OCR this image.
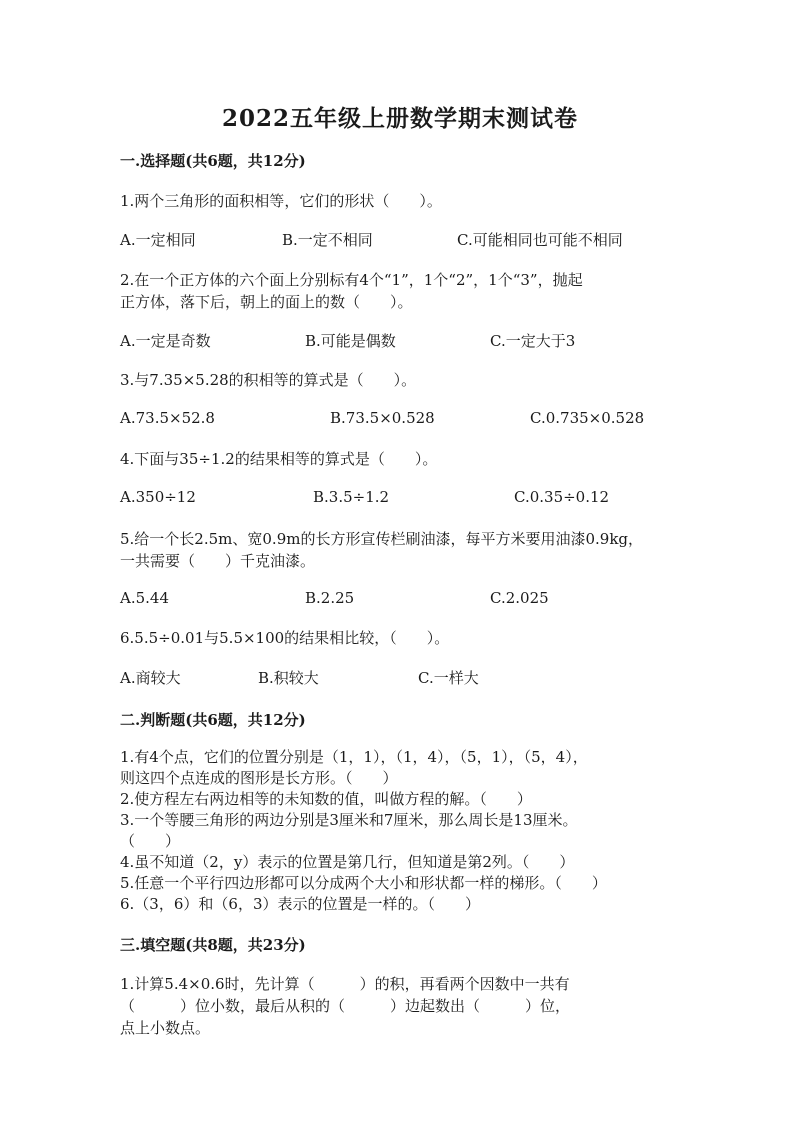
2022五年级上册数学期末测试卷
一.选择题(共6题，共12分)
1.两个三角形的面积相等，它们的形状（　　）。
A.一定相同	B.一定不相同	C.可能相同也可能不相同
2.在一个正方体的六个面上分别标有4个“1”，1个“2”，1个“3”，抛起
正方体，落下后，朝上的面上的数（　　）。
A.一定是奇数	B.可能是偶数	C.一定大于3
3.与7.35×5.28的积相等的算式是（　　）。
A.73.5×52.8	B.73.5×0.528	C.0.735×0.528
4.下面与35÷1.2的结果相等的算式是（　　）。
A.350÷12	B.3.5÷1.2	C.0.35÷0.12
5.给一个长2.5m、宽0.9m的长方形宣传栏刷油漆，每平方米要用油漆0.9kg，
一共需要（　　）千克油漆。
A.5.44	B.2.25	C.2.025
6.5.5÷0.01与5.5×100的结果相比较，（　　）。
A.商较大	B.积较大	C.一样大
二.判断题(共6题，共12分)
1.有4个点，它们的位置分别是（1，1），（1，4），（5，1），（5，4），
则这四个点连成的图形是长方形。（　　）
2.使方程左右两边相等的未知数的值，叫做方程的解。（　　）
3.一个等腰三角形的两边分别是3厘米和7厘米，那么周长是13厘米。
（　　）
4.虽不知道（2，y）表示的位置是第几行，但知道是第2列。（　　）
5.任意一个平行四边形都可以分成两个大小和形状都一样的梯形。（　　）
6.（3，6）和（6，3）表示的位置是一样的。（　　）
三.填空题(共8题，共23分)
1.计算5.4×0.6时，先计算（　　　）的积，再看两个因数中一共有
（　　　）位小数，最后从积的（　　　）边起数出（　　　）位，
点上小数点。
